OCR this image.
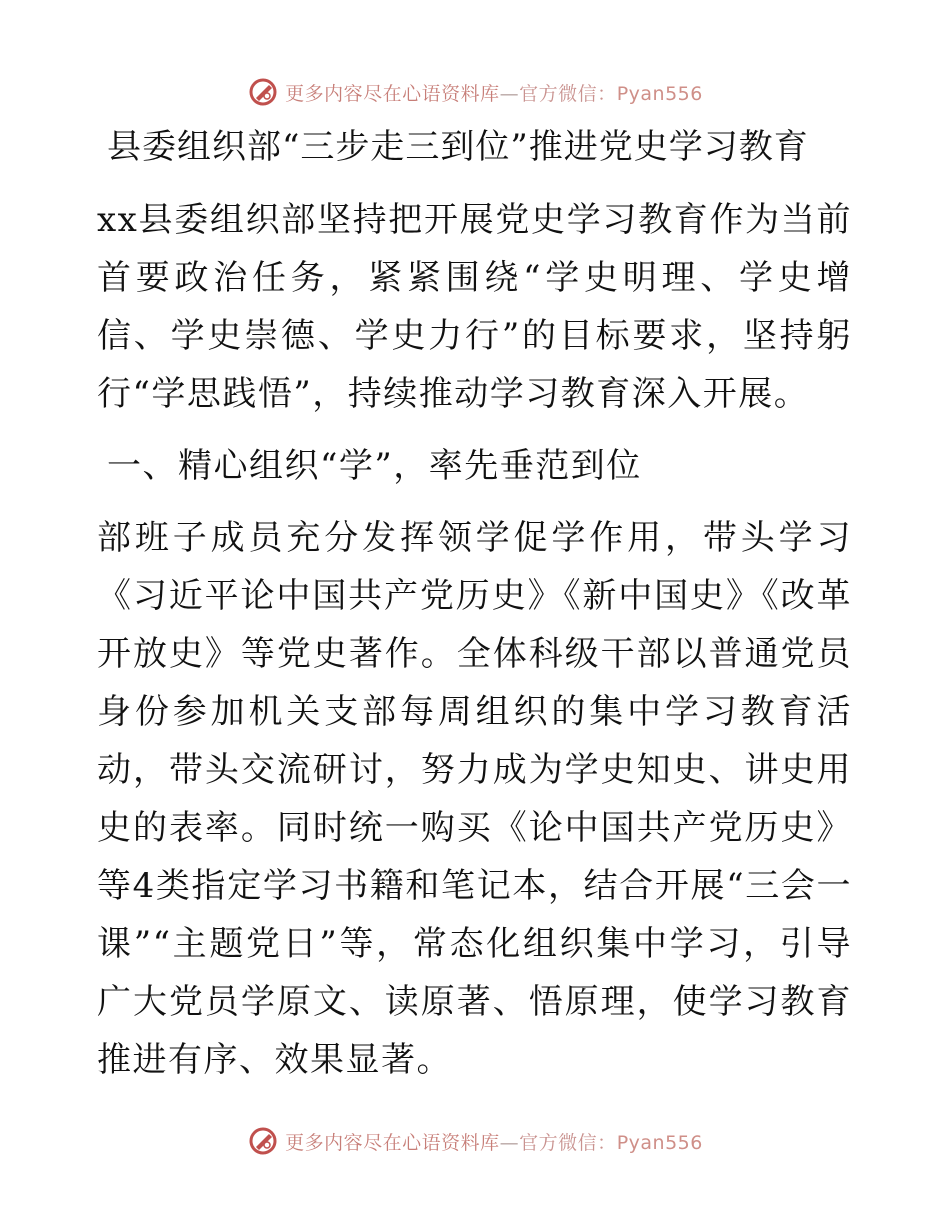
更多内容尽在心语资料库—官方微信：Pyan556
县委组织部“三步走三到位”推进党史学习教育

xx县委组织部坚持把开展党史学习教育作为当前首要政治任务，紧紧围绕“学史明理、学史增信、学史崇德、学史力行”的目标要求，坚持躬行“学思践悟”，持续推动学习教育深入开展。

一、精心组织“学”，率先垂范到位

部班子成员充分发挥领学促学作用，带头学习《习近平论中国共产党历史》《新中国史》《改革开放史》等党史著作。全体科级干部以普通党员身份参加机关支部每周组织的集中学习教育活动，带头交流研讨，努力成为学史知史、讲史用史的表率。同时统一购买《论中国共产党历史》等4类指定学习书籍和笔记本，结合开展“三会一课”“主题党日”等，常态化组织集中学习，引导广大党员学原文、读原著、悟原理，使学习教育推进有序、效果显著。

更多内容尽在心语资料库—官方微信：Pyan556
